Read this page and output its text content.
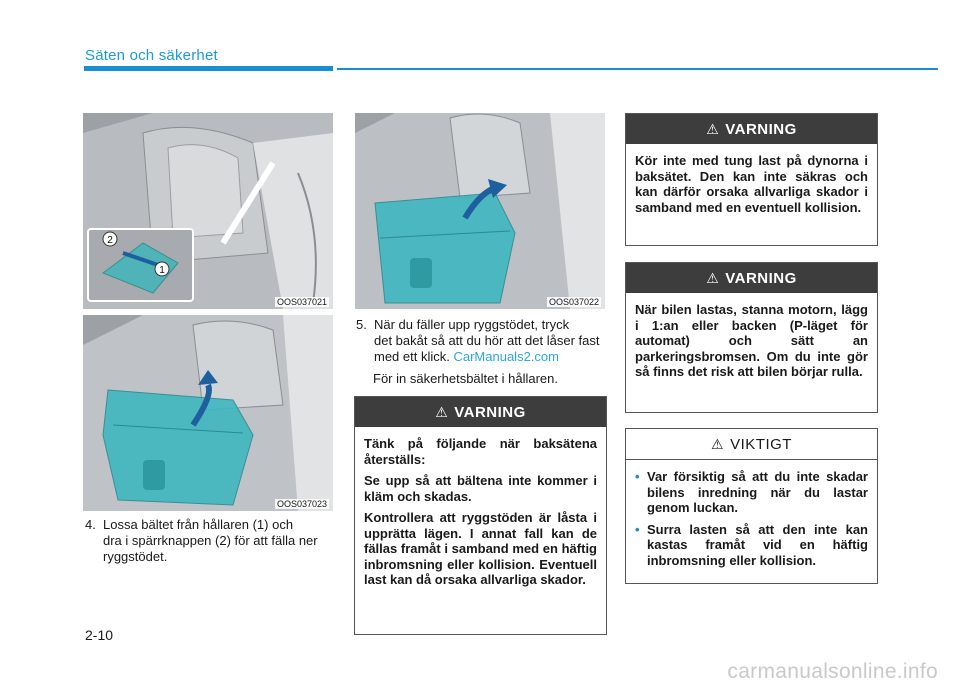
Säten och säkerhet
2
1
OOS037021
OOS037023
OOS037022
4. Lossa bältet från hållaren (1) och
dra i spärrknappen (2) för att fälla ner ryggstödet.
5. När du fäller upp ryggstödet, tryck
det bakåt så att du hör att det låser fast med ett klick. CarManuals2.com
För in säkerhetsbältet i hållaren.
⚠ VARNING

Tänk på följande när baksätena återställs:

Se upp så att bältena inte kommer i kläm och skadas.

Kontrollera att ryggstöden är låsta i upprätta lägen. I annat fall kan de fällas framåt i samband med en häftig inbromsning eller kollision. Eventuell last kan då orsaka allvarliga skador.

⚠ VARNING

Kör inte med tung last på dynorna i baksätet. Den kan inte säkras och kan därför orsaka allvarliga skador i samband med en eventuell kollision.

⚠ VARNING

När bilen lastas, stanna motorn, lägg i 1:an eller backen (P-läget för automat) och sätt an parkeringsbromsen. Om du inte gör så finns det risk att bilen börjar rulla.

⚠ VIKTIGT
• Var försiktig så att du inte skadar bilens inredning när du lastar genom luckan.
• Surra lasten så att den inte kan kastas framåt vid en häftig inbromsning eller kollision.
2-10
carmanualsonline.info
